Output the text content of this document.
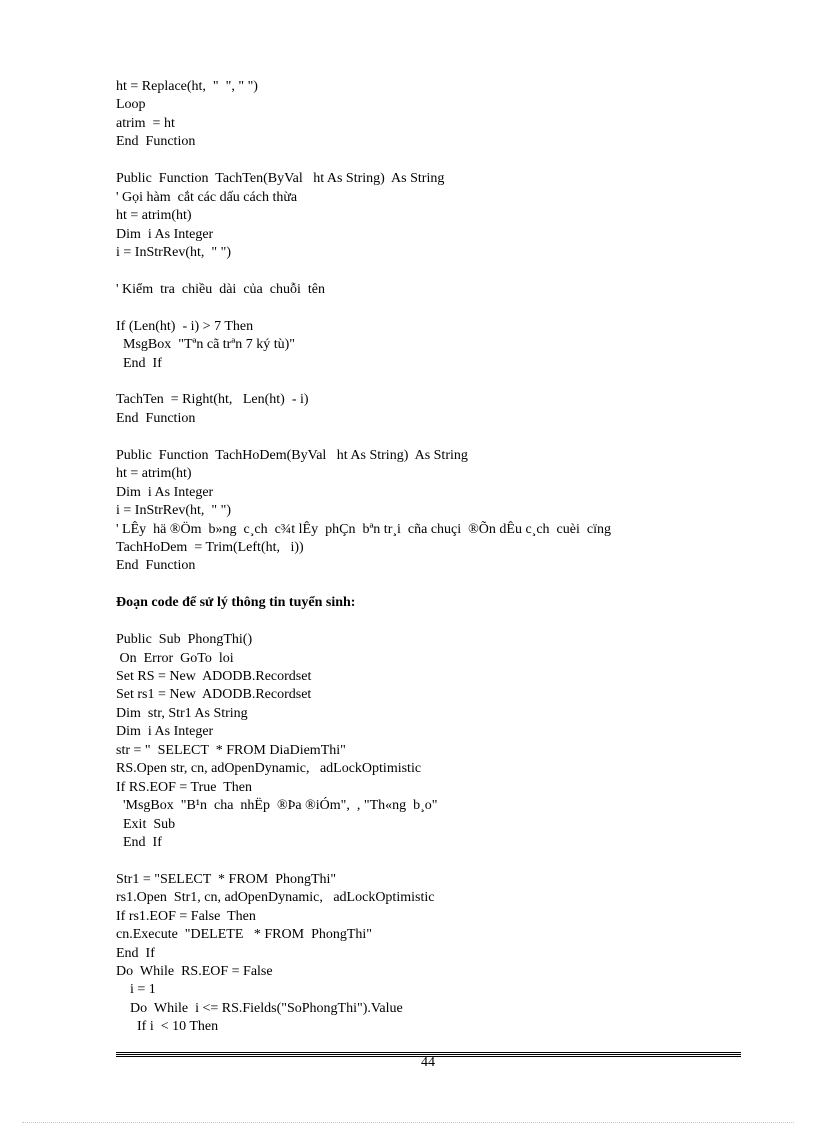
ht = Replace(ht,  "  ", " ")
Loop
atrim  = ht
End  Function
Public  Function  TachTen(ByVal   ht As String)  As String
' Gọi hàm  cắt các dấu cách thừa
ht = atrim(ht)
Dim  i As Integer
i = InStrRev(ht,  " ")
' Kiểm  tra  chiều  dài  của  chuỗi  tên
If (Len(ht)  - i) > 7 Then
MsgBox  "Tªn cã trªn 7 ký tù)"
End  If
TachTen  = Right(ht,   Len(ht)  - i)
End  Function
Public  Function  TachHoDem(ByVal   ht As String)  As String
ht = atrim(ht)
Dim  i As Integer
i = InStrRev(ht,  " ")
' LÊy  hä ®Öm  b»ng  c¸ch  c¾t lÊy  phÇn  bªn tr¸i  cña chuçi  ®Õn dÊu c¸ch  cuèi  cïng
TachHoDem  = Trim(Left(ht,   i))
End  Function
Đoạn code để sử lý thông tin tuyển sinh:
Public  Sub  PhongThi()
On  Error  GoTo  loi
Set RS = New  ADODB.Recordset
Set rs1 = New  ADODB.Recordset
Dim  str, Str1 As String
Dim  i As Integer
str = "  SELECT  * FROM DiaDiemThi"
RS.Open str, cn, adOpenDynamic,   adLockOptimistic
If RS.EOF = True  Then
'MsgBox  "B¹n  cha  nhËp  ®Þa ®iÓm",  , "Th«ng  b¸o"
Exit  Sub
End  If
Str1 = "SELECT  * FROM  PhongThi"
rs1.Open  Str1, cn, adOpenDynamic,   adLockOptimistic
If rs1.EOF = False  Then
cn.Execute  "DELETE   * FROM  PhongThi"
End  If
Do  While  RS.EOF = False
i = 1
Do  While  i <= RS.Fields("SoPhongThi").Value
If i  < 10 Then
44
